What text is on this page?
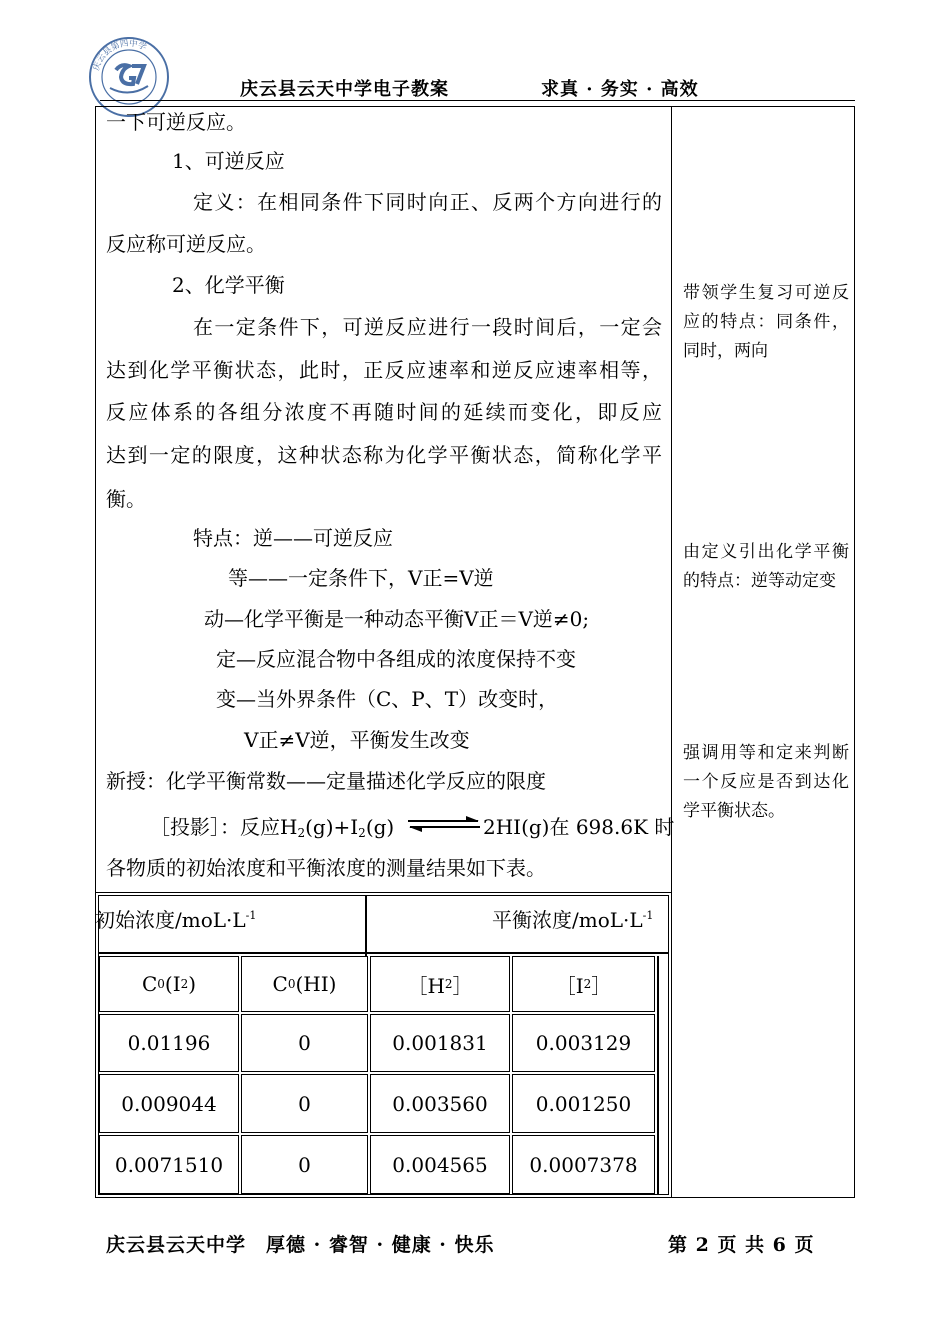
庆云县第四中学
庆云县云天中学电子教案	求真 · 务实 · 高效
一下可逆反应。
1、可逆反应
定义：在相同条件下同时向正、反两个方向进行的
反应称可逆反应。
2、化学平衡
在一定条件下，可逆反应进行一段时间后，一定会
达到化学平衡状态，此时，正反应速率和逆反应速率相等，
反应体系的各组分浓度不再随时间的延续而变化，即反应
达到一定的限度，这种状态称为化学平衡状态，简称化学平
衡。
特点：逆——可逆反应
等——一定条件下，V正=V逆
动—化学平衡是一种动态平衡V正＝V逆≠0;
定—反应混合物中各组成的浓度保持不变
变—当外界条件（C、P、T）改变时，
V正≠V逆，平衡发生改变
新授：化学平衡常数——定量描述化学反应的限度
［投影］：反应$H_2(g)+I_2(g)$	2HI(g)在 698.6K 时
各物质的初始浓度和平衡浓度的测量结果如下表。
带领学生复习可逆反应的特点：同条件，同时，两向
由定义引出化学平衡的特点：逆等动定变
强调用等和定来判断一个反应是否到达化学平衡状态。
初始浓度$/moL\cdot L^{-1}$	平衡浓度$/moL\cdot L^{-1}$
C 0 (I 2 )	C 0 (HI)	［H 2 ］	［I 2 ］
0.01196	0	0.001831	0.003129
0.009044	0	0.003560	0.001250
0.0071510	0	0.004565	0.0007378
庆云县云天中学　厚德 · 睿智 · 健康 · 快乐	第 2 页 共 6 页
